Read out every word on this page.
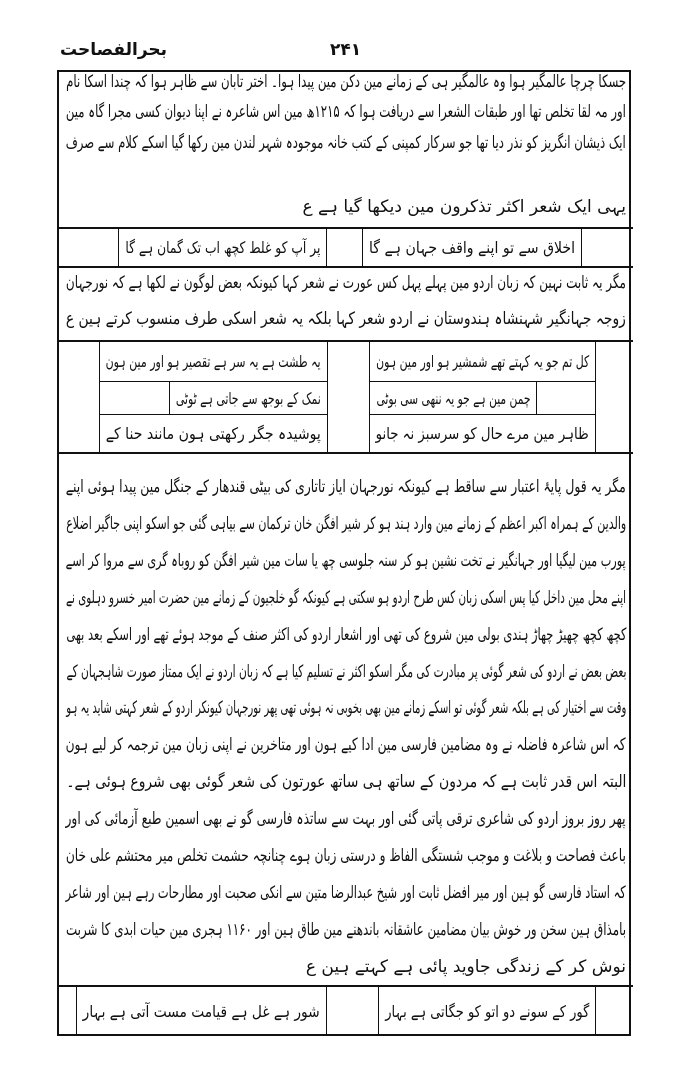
بحرالفصاحت	۲۴۱
جسکا چرچا عالمگیر ہوا وہ عالمگیر ہی کے زمانے مین دکن مین پیدا ہوا۔ اختر تابان سے ظاہر ہوا کہ چندا اسکا نام
اور مہ لقا تخلص تھا اور طبقات الشعرا سے دریافت ہوا کہ ۱۲۱۵ھ مین اس شاعرہ نے اپنا دیوان کسی مجرا گاہ مین
ایک ذیشان انگریز کو نذر دیا تھا جو سرکار کمپنی کے کتب خانہ موجودہ شہر لندن مین رکھا گیا اسکے کلام سے صرف
یہی ایک شعر اکثر تذکرون مین دیکھا گیا ہے ع
اخلاق سے تو اپنے واقف جہان ہے گا
پر آپ کو غلط کچھ اب تک گمان ہے گا
مگر یہ ثابت نہین کہ زبان اردو مین پہلے پہل کس عورت نے شعر کہا کیونکہ بعض لوگون نے لکھا ہے کہ نورجہان
زوجہ جہانگیر شہنشاہ ہندوستان نے اردو شعر کہا بلکہ یہ شعر اسکی طرف منسوب کرتے ہین ع
کل تم جو یہ کہتے تھے شمشیر ہو اور مین ہون
یہ طشت ہے یہ سر ہے تقصیر ہو اور مین ہون
چمن مین ہے جو یہ ننھی سی بوٹی
نمک کے بوجھ سے جاتی ہے ٹوٹی
ظاہر مین مرے حال کو سرسبز نہ جانو
پوشیدہ جگر رکھتی ہون مانند حنا کے
مگر یہ قول پایۂ اعتبار سے ساقط ہے کیونکہ نورجہان ایاز تاتاری کی بیٹی قندھار کے جنگل مین پیدا ہوئی اپنے
والدین کے ہمراہ اکبر اعظم کے زمانے مین وارد ہند ہو کر شیر افگن خان ترکمان سے بیاہی گئی جو اسکو اپنی جاگیر اضلاع
پورب مین لیگیا اور جہانگیر نے تخت نشین ہو کر سنہ جلوسی چھ یا سات مین شیر افگن کو روباہ گری سے مروا کر اسے
اپنے محل مین داخل کیا پس اسکی زبان کس طرح اردو ہو سکتی ہے کیونکہ گو خلجیون کے زمانے مین حضرت امیر خسرو دہلوی نے
کچھ کچھ چھیڑ چھاڑ ہندی بولی مین شروع کی تھی اور اشعار اردو کی اکثر صنف کے موجد ہوئے تھے اور اسکے بعد بھی
بعض بعض نے اردو کی شعر گوئی پر مبادرت کی مگر اسکو اکثر نے تسلیم کیا ہے کہ زبان اردو نے ایک ممتاز صورت شاہجہان کے
وقت سے اختیار کی ہے بلکہ شعر گوئی تو اسکے زمانے مین بھی بخوبی نہ ہوئی تھی پھر نورجہان کیونکر اردو کے شعر کہتی شاید یہ ہو
کہ اس شاعرہ فاضلہ نے وہ مضامین فارسی مین ادا کیے ہون اور متاخرین نے اپنی زبان مین ترجمہ کر لیے ہون
البتہ اس قدر ثابت ہے کہ مردون کے ساتھ ہی ساتھ عورتون کی شعر گوئی بھی شروع ہوئی ہے۔
پھر روز بروز اردو کی شاعری ترقی پاتی گئی اور بہت سے ساتذہ فارسی گو نے بھی اسمین طبع آزمائی کی اور
باعث فصاحت و بلاغت و موجب شستگی الفاظ و درستی زبان ہوے چنانچہ حشمت تخلص میر محتشم علی خان
کہ استاد فارسی گو ہین اور میر افضل ثابت اور شیخ عبدالرضا متین سے انکی صحبت اور مطارحات رہے ہین اور شاعر
بامذاق ہین سخن ور خوش بیان مضامین عاشقانہ باندھنے مین طاق ہین اور ۱۱۶۰ ہجری مین حیات ابدی کا شربت
نوش کر کے زندگی جاوید پائی ہے کہتے ہین ع
گور کے سونے دو اتو کو جگاتی ہے بہار
شور ہے غل ہے قیامت مست آتی ہے بہار
